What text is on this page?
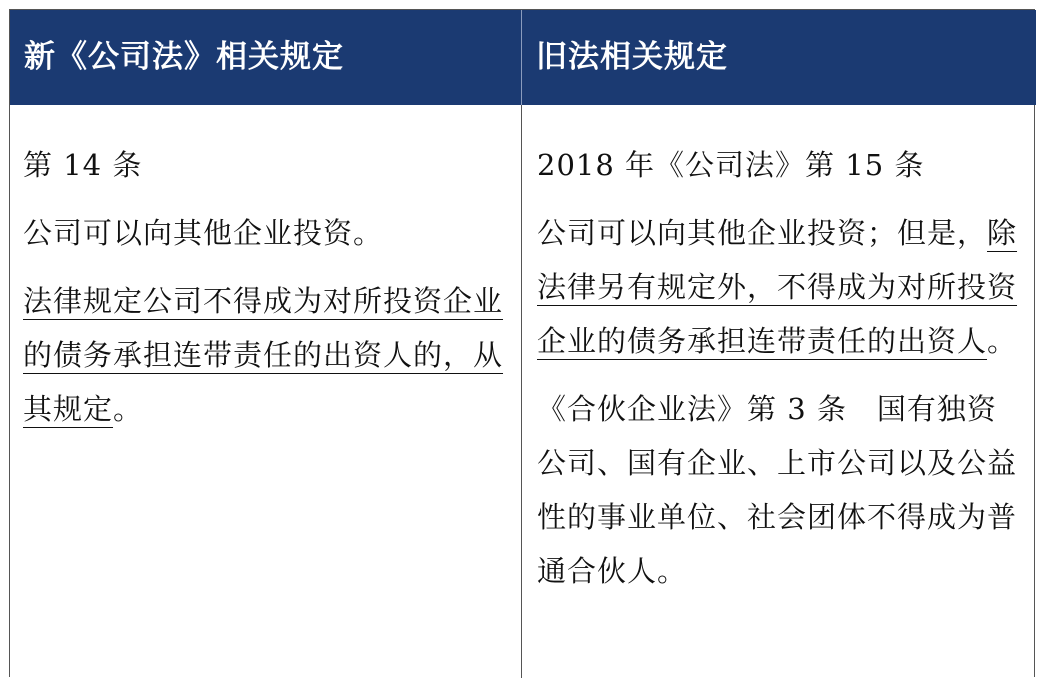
新《公司法》相关规定	旧法相关规定

第 14 条

公司可以向其他企业投资。

法律规定公司不得成为对所投资企业的债务承担连带责任的出资人的，从其规定。

2018 年《公司法》第 15 条

公司可以向其他企业投资；但是，除法律另有规定外，不得成为对所投资企业的债务承担连带责任的出资人。

《合伙企业法》第 3 条　国有独资公司、国有企业、上市公司以及公益性的事业单位、社会团体不得成为普通合伙人。
